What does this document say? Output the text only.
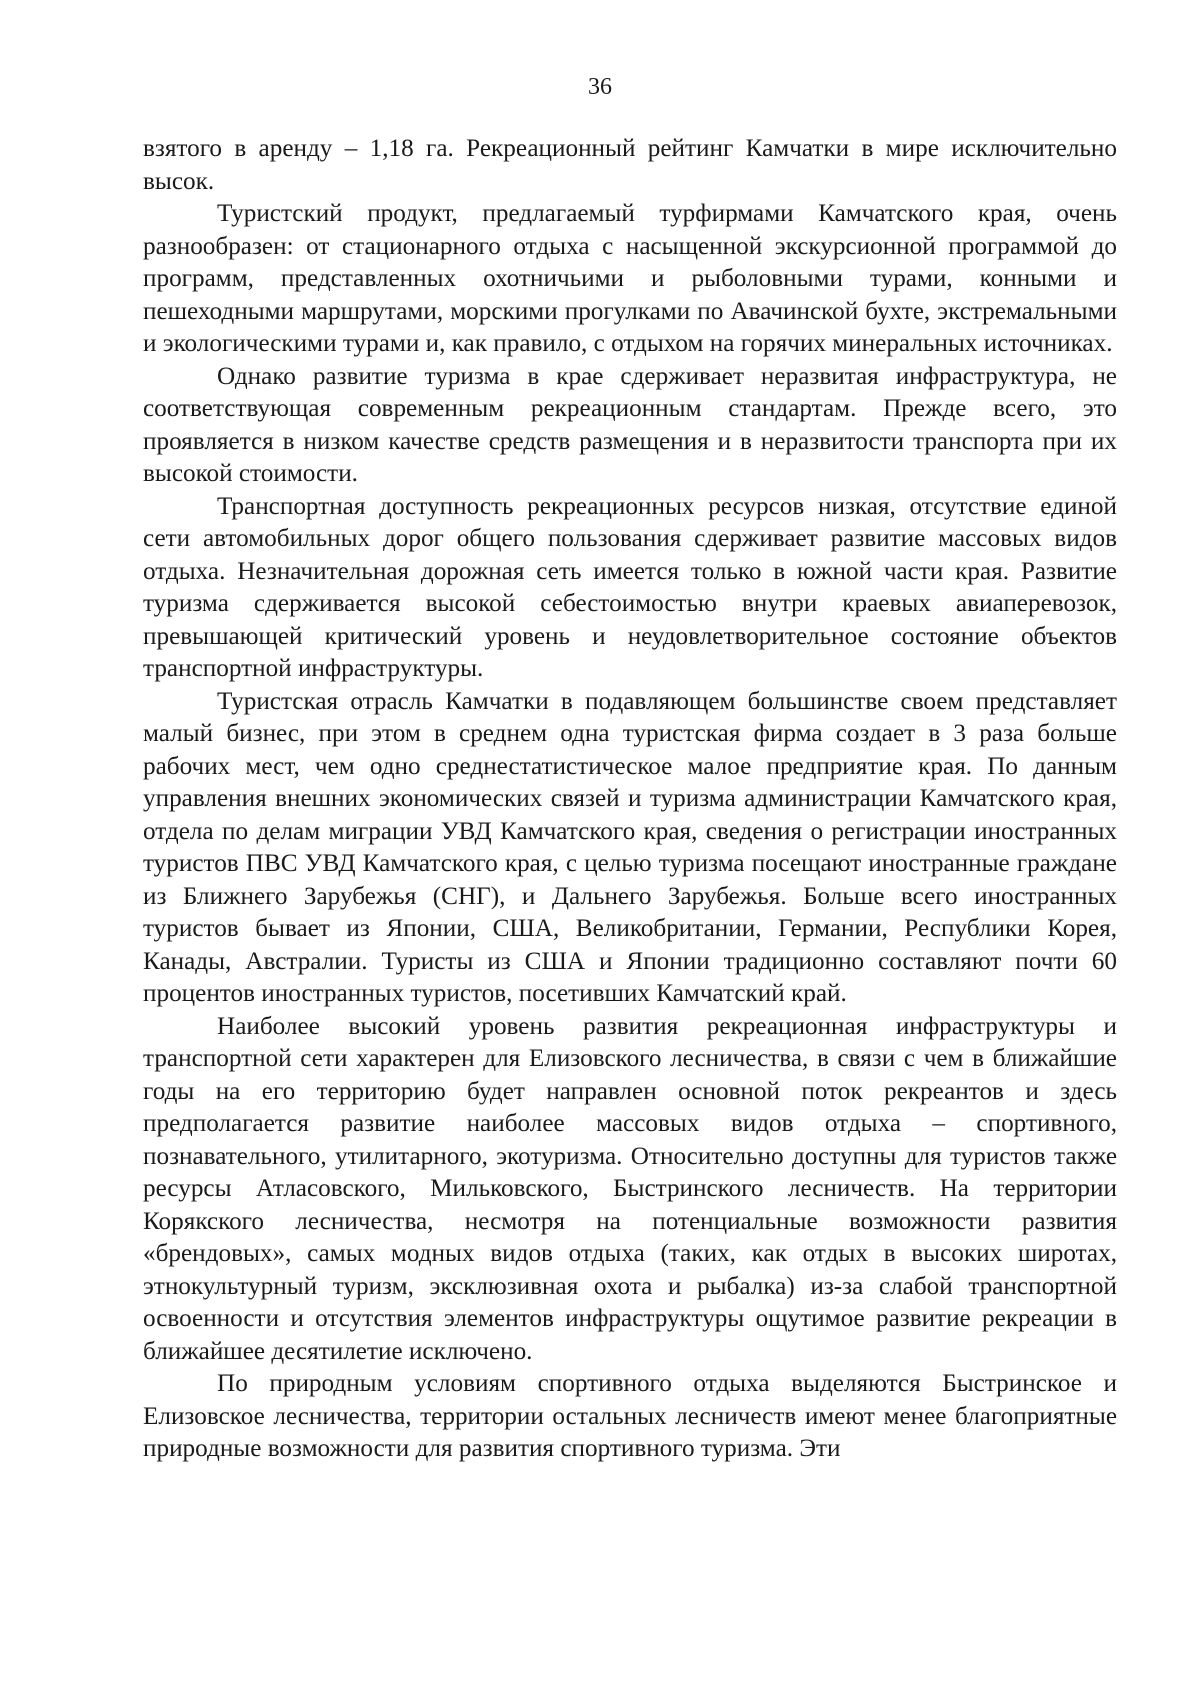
36

взятого в аренду – 1,18 га. Рекреационный рейтинг Камчатки в мире исключительно высок.

Туристский продукт, предлагаемый турфирмами Камчатского края, очень разнообразен: от стационарного отдыха с насыщенной экскурсионной программой до программ, представленных охотничьими и рыболовными турами, конными и пешеходными маршрутами, морскими прогулками по Авачинской бухте, экстремальными и экологическими турами и, как правило, с отдыхом на горячих минеральных источниках.

Однако развитие туризма в крае сдерживает неразвитая инфраструктура, не соответствующая современным рекреационным стандартам. Прежде всего, это проявляется в низком качестве средств размещения и в неразвитости транспорта при их высокой стоимости.

Транспортная доступность рекреационных ресурсов низкая, отсутствие единой сети автомобильных дорог общего пользования сдерживает развитие массовых видов отдыха. Незначительная дорожная сеть имеется только в южной части края. Развитие туризма сдерживается высокой себестоимостью внутри краевых авиаперевозок, превышающей критический уровень и неудовлетворительное состояние объектов транспортной инфраструктуры.

Туристская отрасль Камчатки в подавляющем большинстве своем представляет малый бизнес, при этом в среднем одна туристская фирма создает в 3 раза больше рабочих мест, чем одно среднестатистическое малое предприятие края. По данным управления внешних экономических связей и туризма администрации Камчатского края, отдела по делам миграции УВД Камчатского края, сведения о регистрации иностранных туристов ПВС УВД Камчатского края, с целью туризма посещают иностранные граждане из Ближнего Зарубежья (СНГ), и Дальнего Зарубежья. Больше всего иностранных туристов бывает из Японии, США, Великобритании, Германии, Республики Корея, Канады, Австралии. Туристы из США и Японии традиционно составляют почти 60 процентов иностранных туристов, посетивших Камчатский край.

Наиболее высокий уровень развития рекреационная инфраструктуры и транспортной сети характерен для Елизовского лесничества, в связи с чем в ближайшие годы на его территорию будет направлен основной поток рекреантов и здесь предполагается развитие наиболее массовых видов отдыха – спортивного, познавательного, утилитарного, экотуризма. Относительно доступны для туристов также ресурсы Атласовского, Мильковского, Быстринского лесничеств. На территории Корякского лесничества, несмотря на потенциальные возможности развития «брендовых», самых модных видов отдыха (таких, как отдых в высоких широтах, этнокультурный туризм, эксклюзивная охота и рыбалка) из-за слабой транспортной освоенности и отсутствия элементов инфраструктуры ощутимое развитие рекреации в ближайшее десятилетие исключено.

По природным условиям спортивного отдыха выделяются Быстринское и Елизовское лесничества, территории остальных лесничеств имеют менее благоприятные природные возможности для развития спортивного туризма. Эти
